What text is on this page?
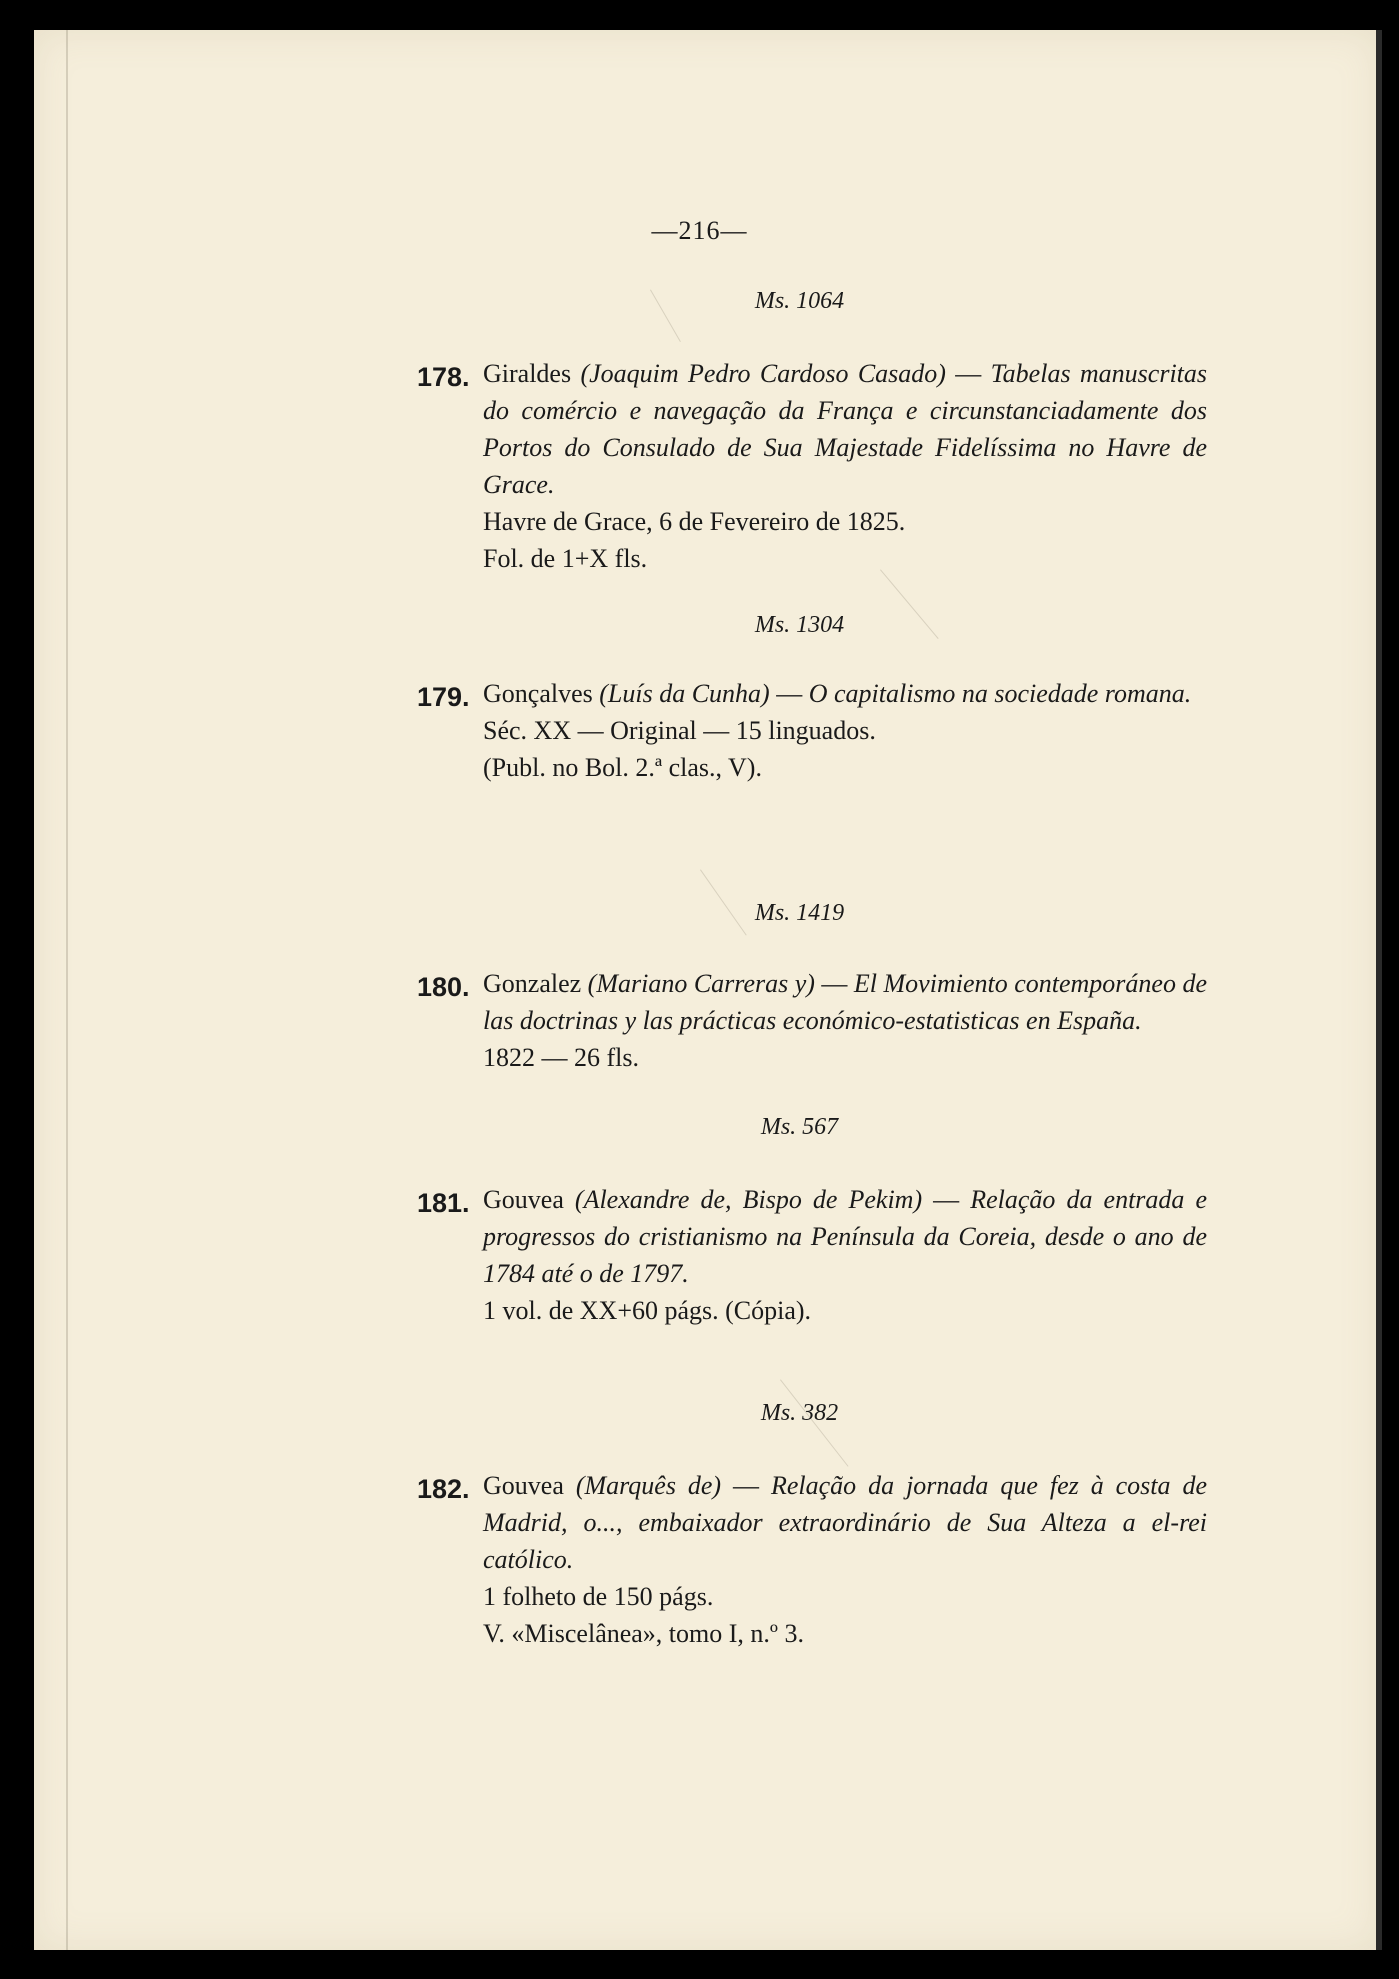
—216—
Ms. 1064
178. Giraldes (Joaquim Pedro Cardoso Casado) — Tabelas manuscritas do comércio e navegação da França e circunstanciadamente dos Portos do Consulado de Sua Majestade Fidelíssima no Havre de Grace.

Havre de Grace, 6 de Fevereiro de 1825.

Fol. de 1+X fls.

Ms. 1304
179. Gonçalves (Luís da Cunha) — O capitalismo na sociedade romana.

Séc. XX — Original — 15 linguados.

(Publ. no Bol. 2.ª clas., V).

Ms. 1419
180. Gonzalez (Mariano Carreras y) — El Movimiento contemporáneo de las doctrinas y las prácticas económico-estatisticas en España.

1822 — 26 fls.

Ms. 567
181. Gouvea (Alexandre de, Bispo de Pekim) — Relação da entrada e progressos do cristianismo na Península da Coreia, desde o ano de 1784 até o de 1797.

1 vol. de XX+60 págs. (Cópia).

Ms. 382
182. Gouvea (Marquês de) — Relação da jornada que fez à costa de Madrid, o..., embaixador extraordinário de Sua Alteza a el-rei católico.

1 folheto de 150 págs.

V. «Miscelânea», tomo I, n.º 3.
